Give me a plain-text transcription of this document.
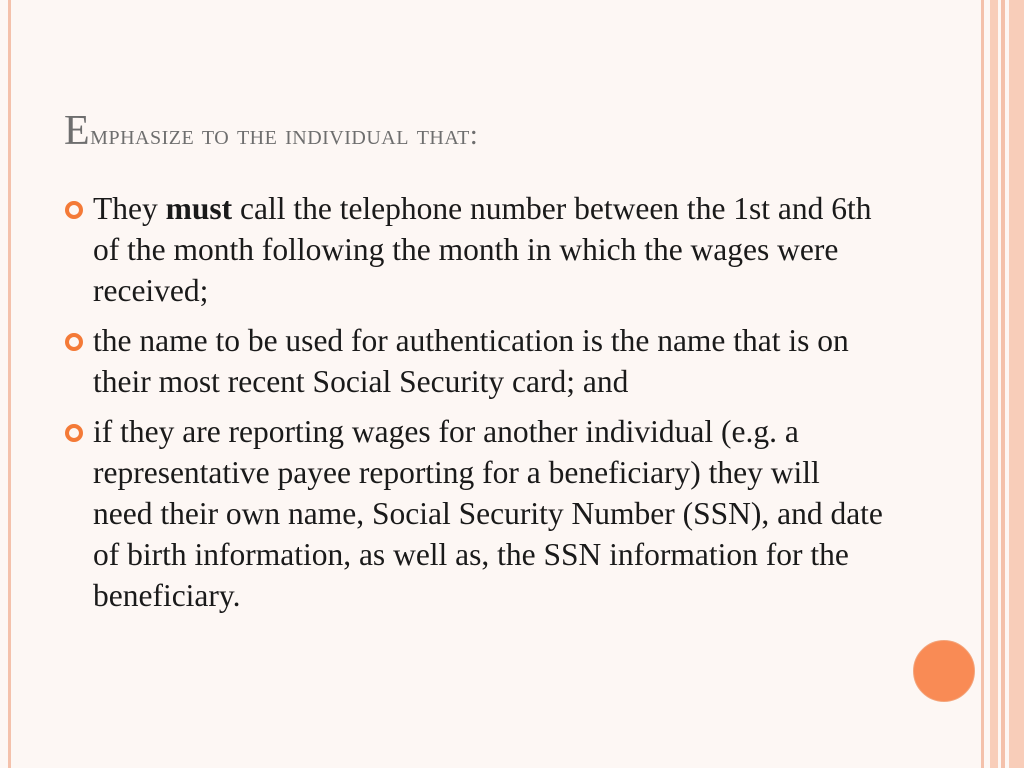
Emphasize to the individual that:
They must call the telephone number between the 1st and 6th of the month following the month in which the wages were received;
the name to be used for authentication is the name that is on their most recent Social Security card; and
if they are reporting wages for another individual (e.g. a representative payee reporting for a beneficiary) they will need their own name, Social Security Number (SSN), and date of birth information, as well as, the SSN information for the beneficiary.
